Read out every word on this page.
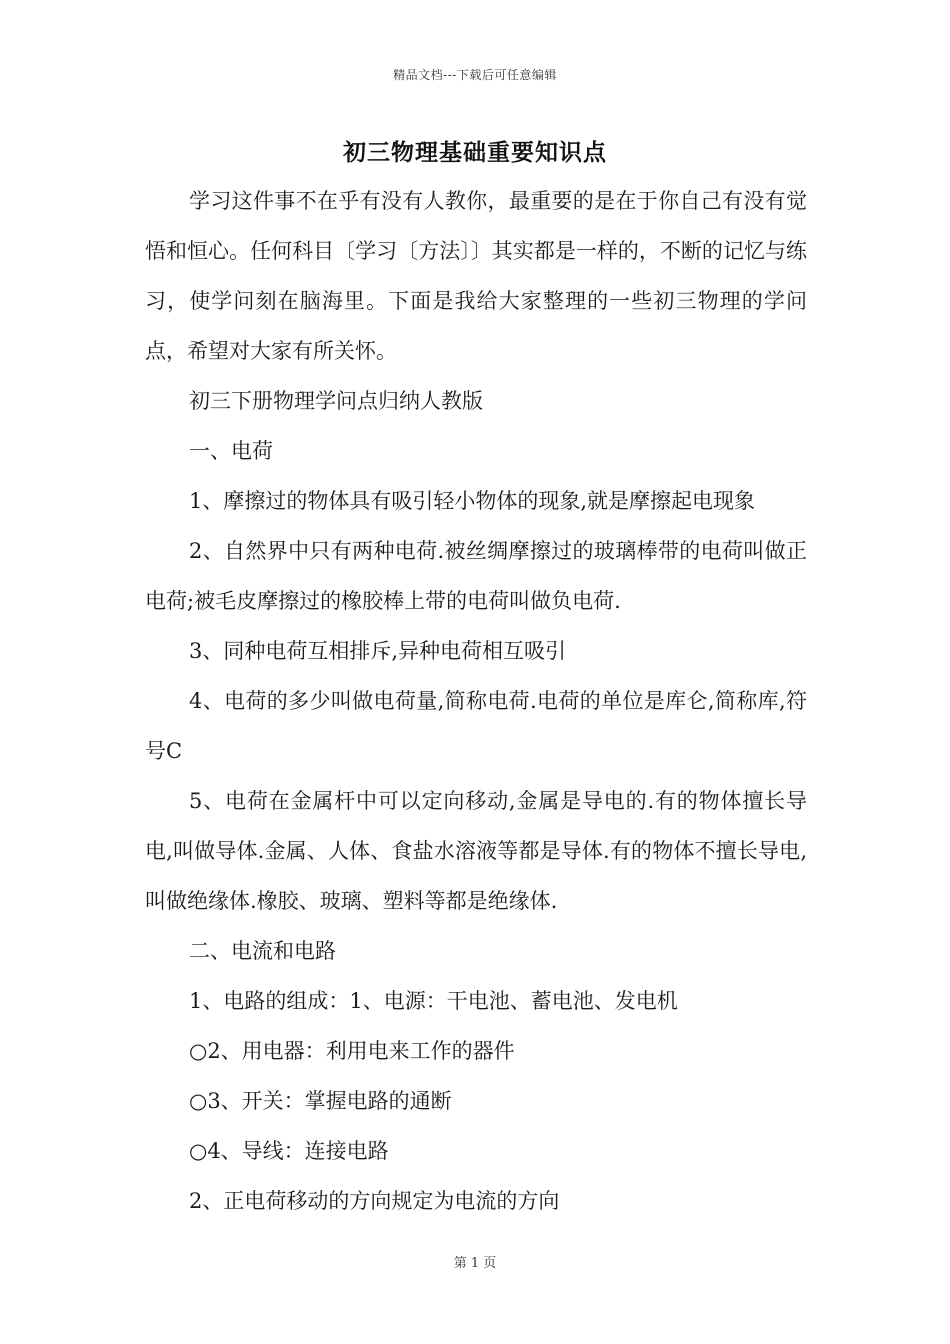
精品文档---下载后可任意编辑
初三物理基础重要知识点

学习这件事不在乎有没有人教你，最重要的是在于你自己有没有觉悟和恒心。任何科目〔学习〔方法〕〕其实都是一样的，不断的记忆与练习，使学问刻在脑海里。下面是我给大家整理的一些初三物理的学问点，希望对大家有所关怀。

初三下册物理学问点归纳人教版

一、电荷

1、摩擦过的物体具有吸引轻小物体的现象,就是摩擦起电现象

2、自然界中只有两种电荷.被丝绸摩擦过的玻璃棒带的电荷叫做正电荷;被毛皮摩擦过的橡胶棒上带的电荷叫做负电荷.

3、同种电荷互相排斥,异种电荷相互吸引

4、电荷的多少叫做电荷量,简称电荷.电荷的单位是库仑,简称库,符号C

5、电荷在金属杆中可以定向移动,金属是导电的.有的物体擅长导电,叫做导体.金属、人体、食盐水溶液等都是导体.有的物体不擅长导电,叫做绝缘体.橡胶、玻璃、塑料等都是绝缘体.

二、电流和电路

1、电路的组成：1、电源：干电池、蓄电池、发电机

○2、用电器：利用电来工作的器件

○3、开关：掌握电路的通断

○4、导线：连接电路

2、正电荷移动的方向规定为电流的方向

第 1 页
